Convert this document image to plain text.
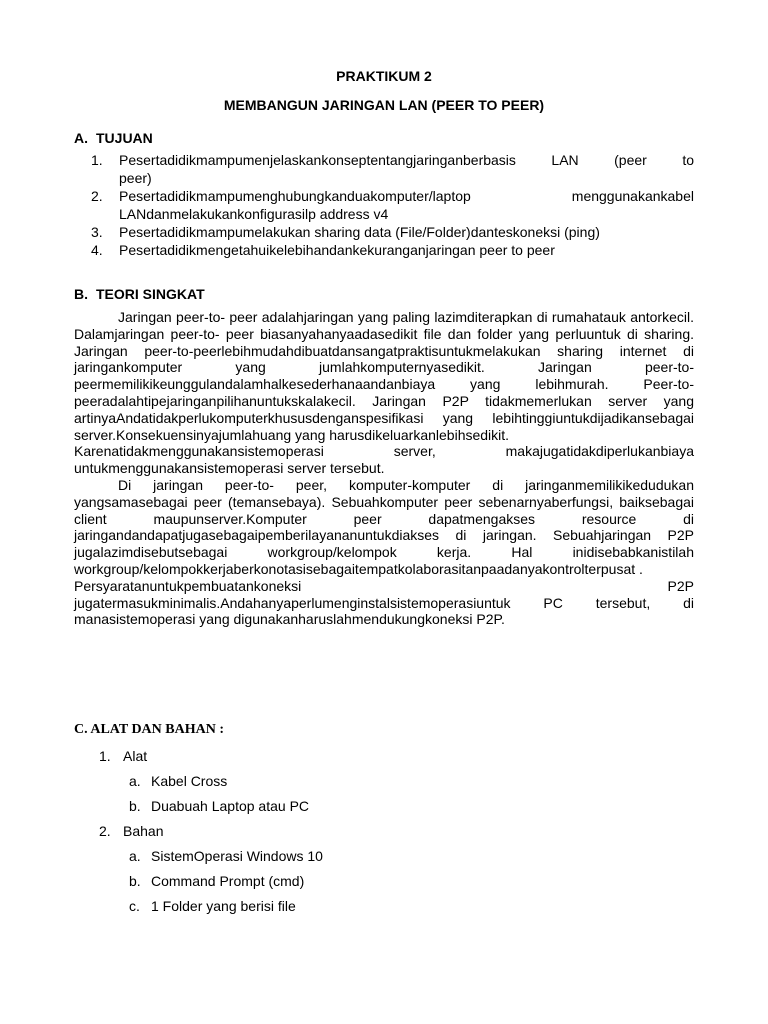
PRAKTIKUM 2
MEMBANGUN JARINGAN LAN (PEER TO PEER)
A. TUJUAN
1. Pesertadidikmampumenjelaskankonseptentangjaringanberbasis LAN (peer to
peer)
2. Pesertadidikmampumenghubungkanduakomputer/laptop menggunakankabel
LANdanmelakukankonfigurasilp address v4
3. Pesertadidikmampumelakukan sharing data (File/Folder)danteskoneksi (ping)
4. Pesertadidikmengetahuikelebihandankekuranganjaringan peer to peer
B. TEORI SINGKAT

Jaringan peer-to- peer adalahjaringan yang paling lazimditerapkan di rumahatauk antorkecil. Dalamjaringan peer-to- peer biasanyahanyaadasedikit file dan folder yang perluuntuk di sharing. Jaringan peer-to-peerlebihmudahdibuatdansangatpraktisuntukmelakukan sharing internet di jaringankomputer yang jumlahkomputernyasedikit. Jaringan peer-to-peermemilikikeunggulandalamhalkesederhanaandanbiaya yang lebihmurah. Peer-to-peeradalahtipejaringanpilihanuntukskalakecil. Jaringan P2P tidakmemerlukan server yang artinyaAndatidakperlukomputerkhususdenganspesifikasi yang lebihtinggiuntukdijadikansebagai server.Konsekuensinyajumlahuang yang harusdikeluarkanlebihsedikit.

Karenatidakmenggunakansistemoperasi server, makajugatidakdiperlukanbiaya untukmenggunakansistemoperasi server tersebut.

Di jaringan peer-to- peer, komputer-komputer di jaringanmemilikikedudukan yangsamasebagai peer (temansebaya). Sebuahkomputer peer sebenarnyaberfungsi, baiksebagai client maupunserver.Komputer peer dapatmengakses resource di jaringandandapatjugasebagaipemberilayananuntukdiakses di jaringan. Sebuahjaringan P2P jugalazimdisebutsebagai workgroup/kelompok kerja. Hal inidisebabkanistilah workgroup/kelompokkerjaberkonotasisebagaitempatkolaborasitanpaadanyakontrolterpusat .

Persyaratanuntukpembuatankoneksi P2P jugatermasukminimalis.Andahanyaperlumenginstalsistemoperasiuntuk PC tersebut, di manasistemoperasi yang digunakanharuslahmendukungkoneksi P2P.

C. ALAT DAN BAHAN :
1. Alat
a. Kabel Cross
b. Duabuah Laptop atau PC
2. Bahan
a. SistemOperasi Windows 10
b. Command Prompt (cmd)
c. 1 Folder yang berisi file
